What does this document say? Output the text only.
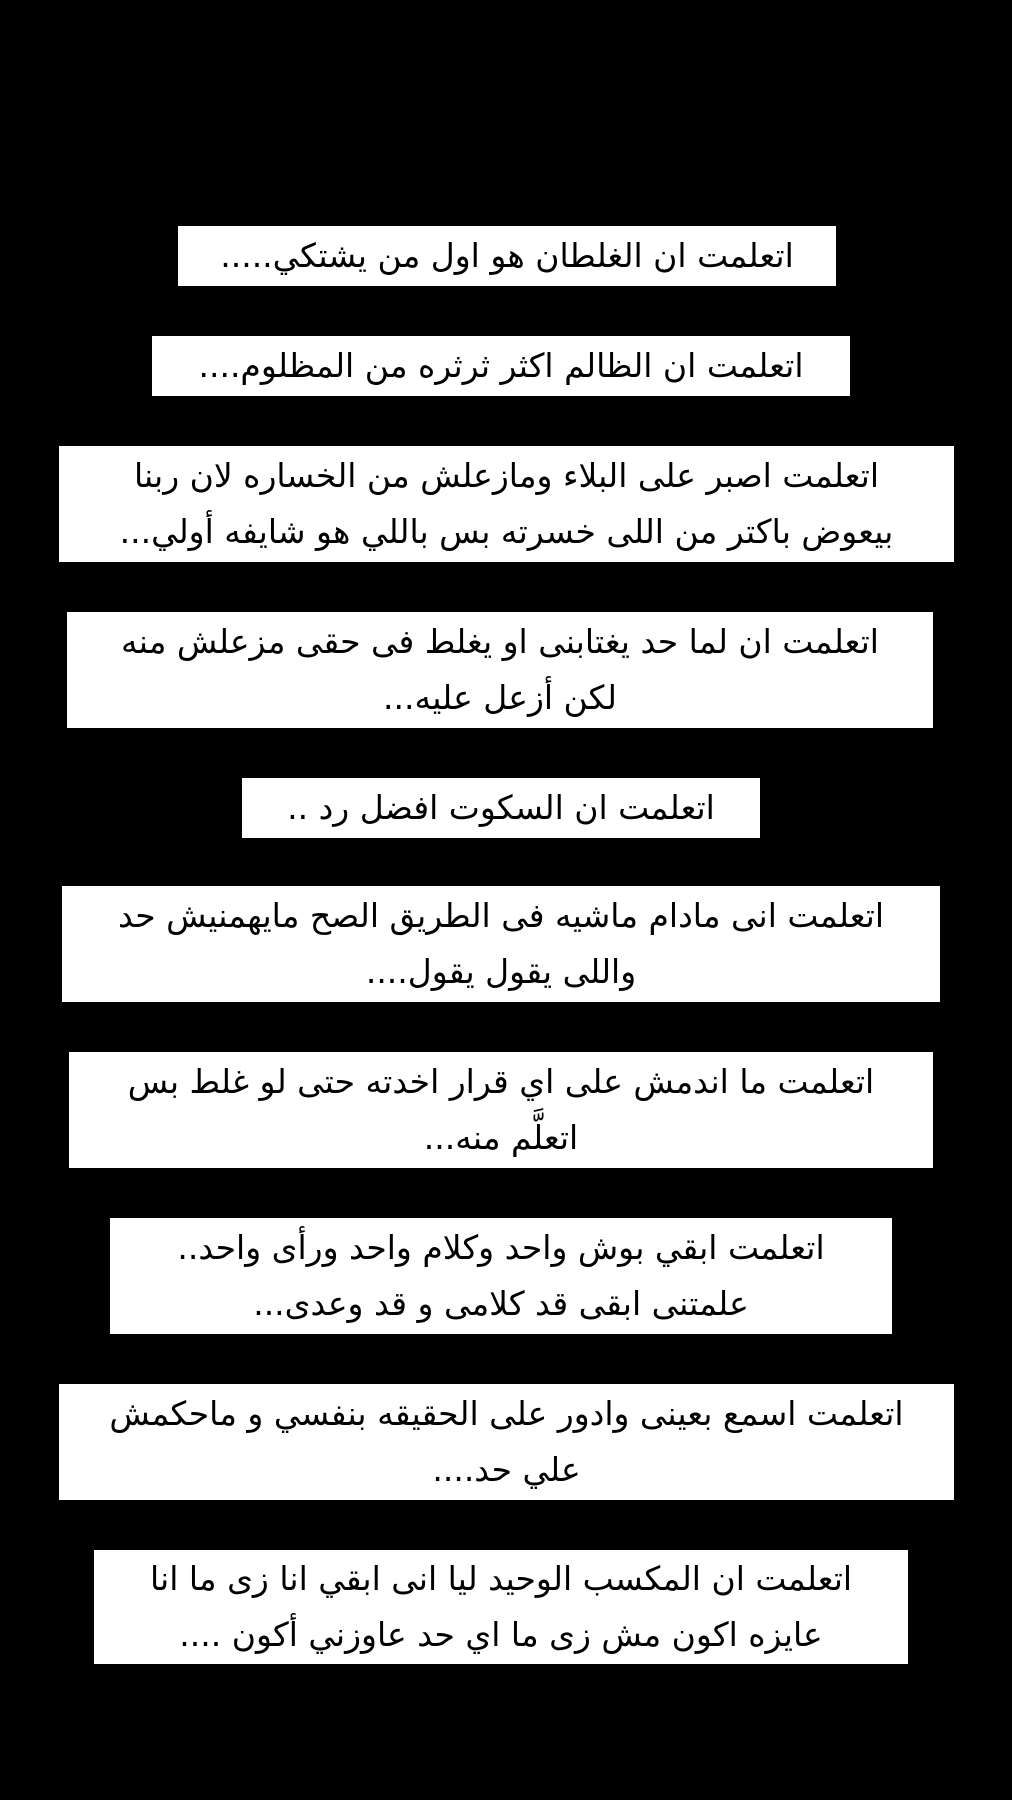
اتعلمت ان الغلطان هو اول من يشتكي.....

اتعلمت ان الظالم اكثر ثرثره من المظلوم....

اتعلمت اصبر على البلاء ومازعلش من الخساره لان ربنا
بيعوض باكتر من اللى خسرته بس باللي هو شايفه أولي...

اتعلمت ان لما حد يغتابنى او يغلط فى حقى مزعلش منه
لكن أزعل عليه...

اتعلمت ان السكوت افضل رد ..

اتعلمت انى مادام ماشيه فى الطريق الصح مايهمنيش حد
واللى يقول يقول....

اتعلمت ما اندمش على اي قرار اخدته حتى لو غلط بس
اتعلَّم منه...

اتعلمت ابقي بوش واحد وكلام واحد ورأى واحد..
علمتنى ابقى قد كلامى و قد وعدى...

اتعلمت اسمع بعينى وادور على الحقيقه بنفسي و ماحكمش
علي حد....

اتعلمت ان المكسب الوحيد ليا انى ابقي انا زى ما انا
عايزه اكون مش زى ما اي حد عاوزني أكون ....
